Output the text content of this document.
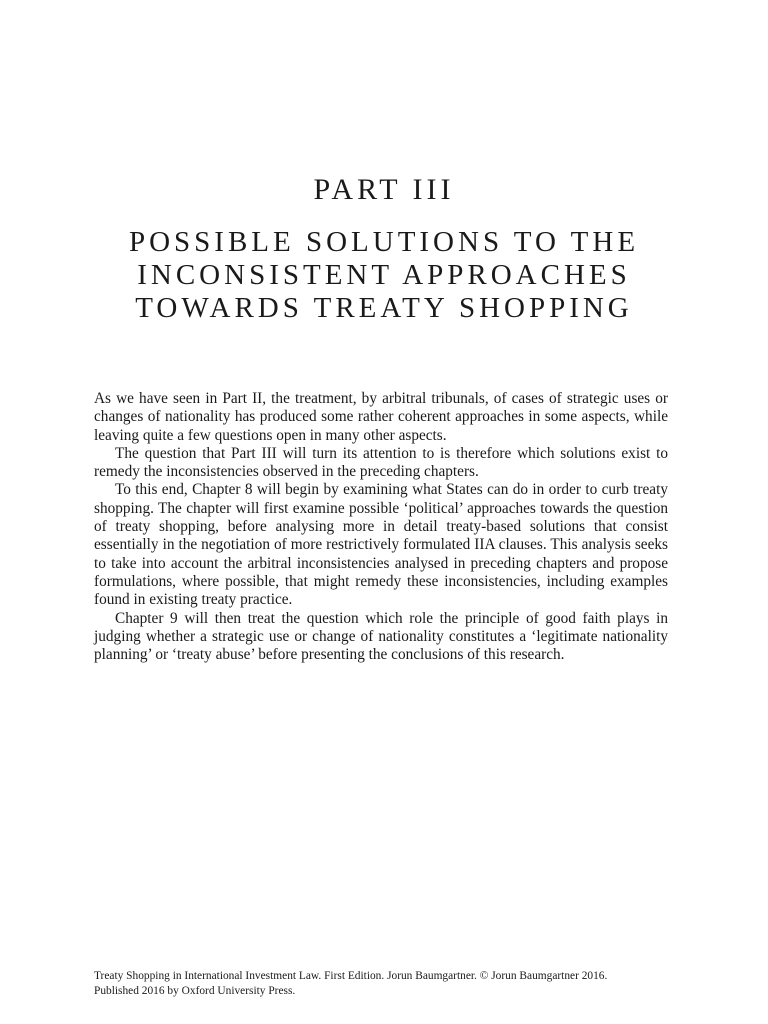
PART III
POSSIBLE SOLUTIONS TO THE
INCONSISTENT APPROACHES
TOWARDS TREATY SHOPPING

As we have seen in Part II, the treatment, by arbitral tribunals, of cases of strategic uses or changes of nationality has produced some rather coherent approaches in some aspects, while leaving quite a few questions open in many other aspects.

The question that Part III will turn its attention to is therefore which solutions exist to remedy the inconsistencies observed in the preceding chapters.

To this end, Chapter 8 will begin by examining what States can do in order to curb treaty shopping. The chapter will first examine possible ‘political’ approaches towards the question of treaty shopping, before analysing more in detail treaty-based solutions that consist essentially in the negotiation of more restrictively formulated IIA clauses. This analysis seeks to take into account the arbitral inconsistencies analysed in preceding chapters and propose formulations, where possible, that might remedy these inconsistencies, including examples found in existing treaty practice.

Chapter 9 will then treat the question which role the principle of good faith plays in judging whether a strategic use or change of nationality constitutes a ‘legitimate nationality planning’ or ‘treaty abuse’ before presenting the conclusions of this research.

Treaty Shopping in International Investment Law. First Edition. Jorun Baumgartner. © Jorun Baumgartner 2016. Published 2016 by Oxford University Press.
